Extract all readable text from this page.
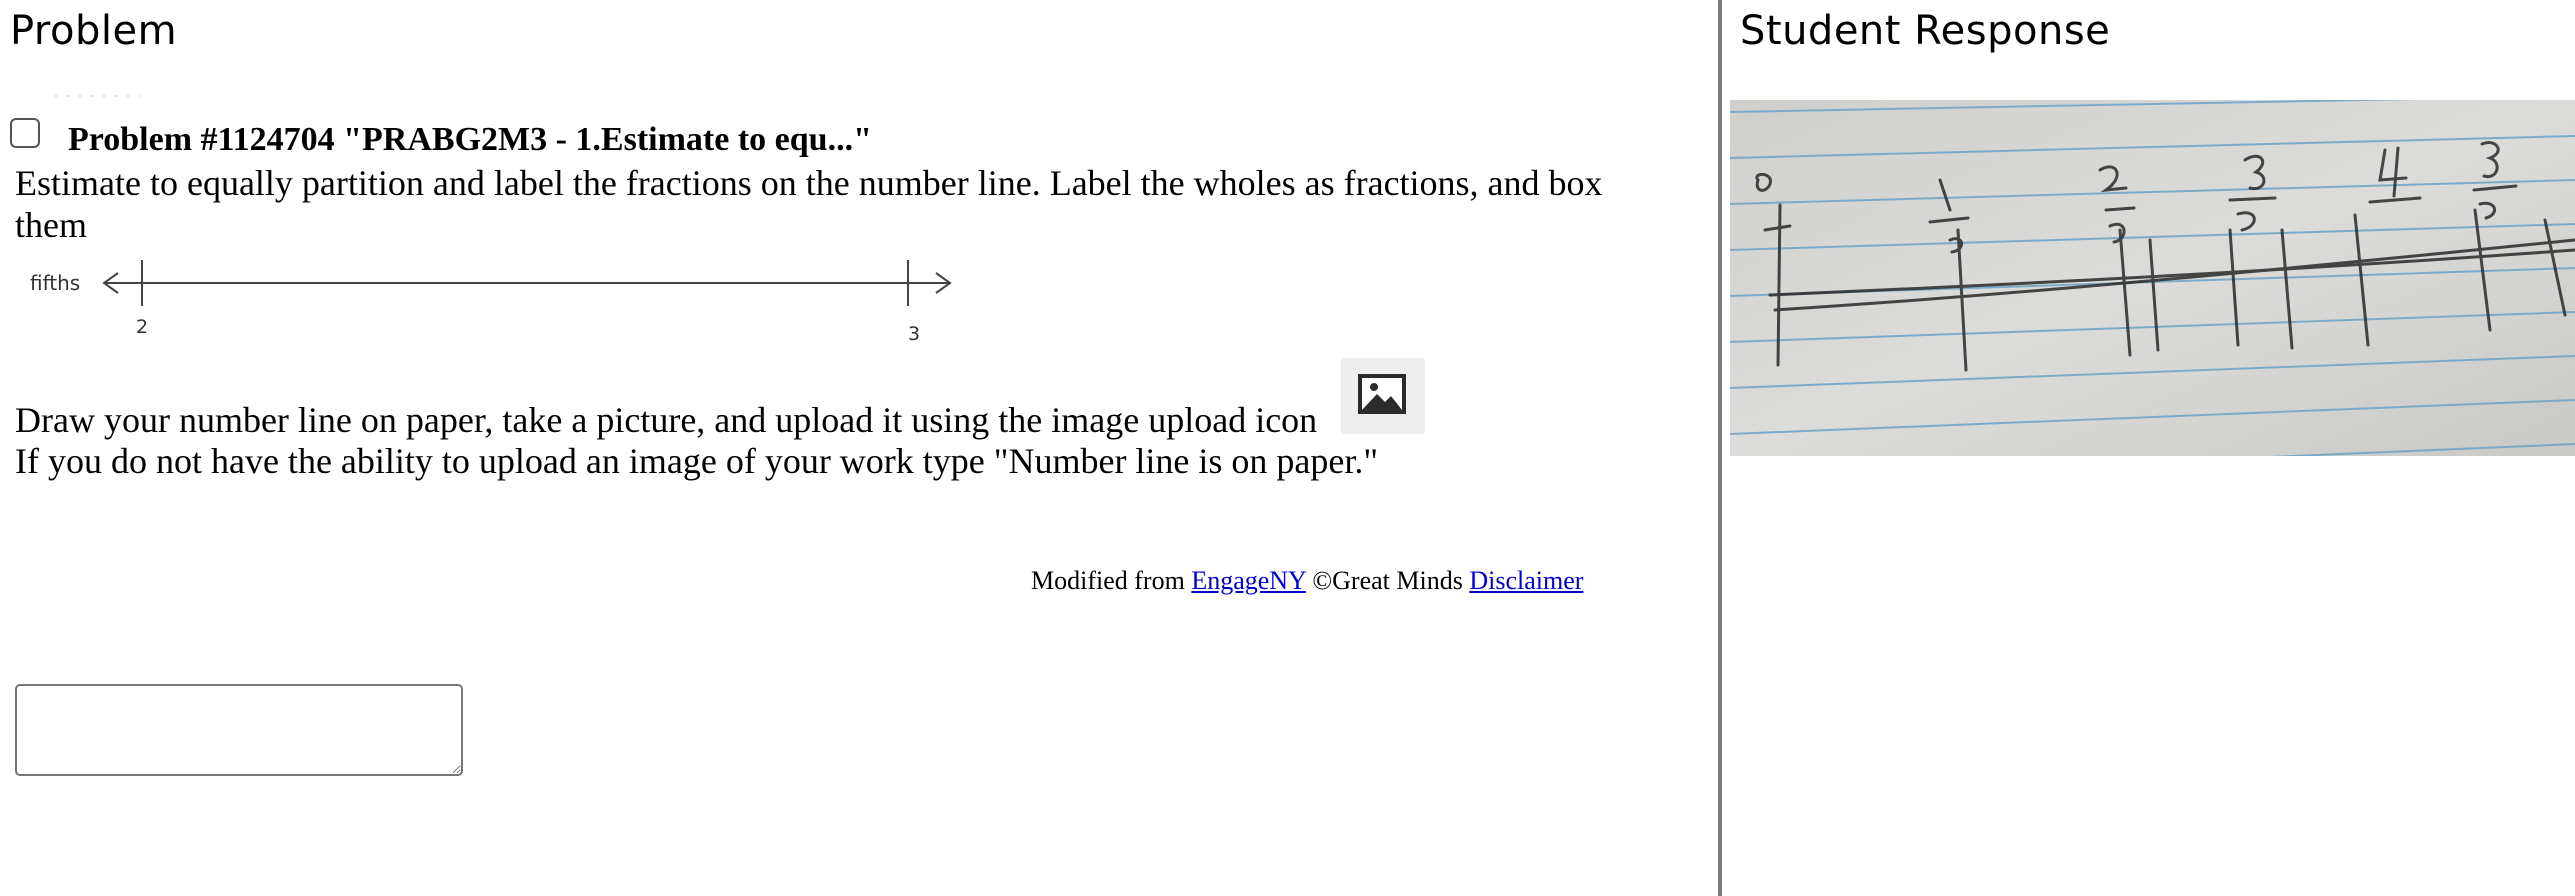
Problem
Problem #1124704 "PRABG2M3 - 1.Estimate to equ..."

Estimate to equally partition and label the fractions on the number line. Label the wholes as fractions, and box them

fifths
2	3

Draw your number line on paper, take a picture, and upload it using the image upload icon

If you do not have the ability to upload an image of your work type "Number line is on paper."

Modified from EngageNY ©Great Minds Disclaimer

Student Response
